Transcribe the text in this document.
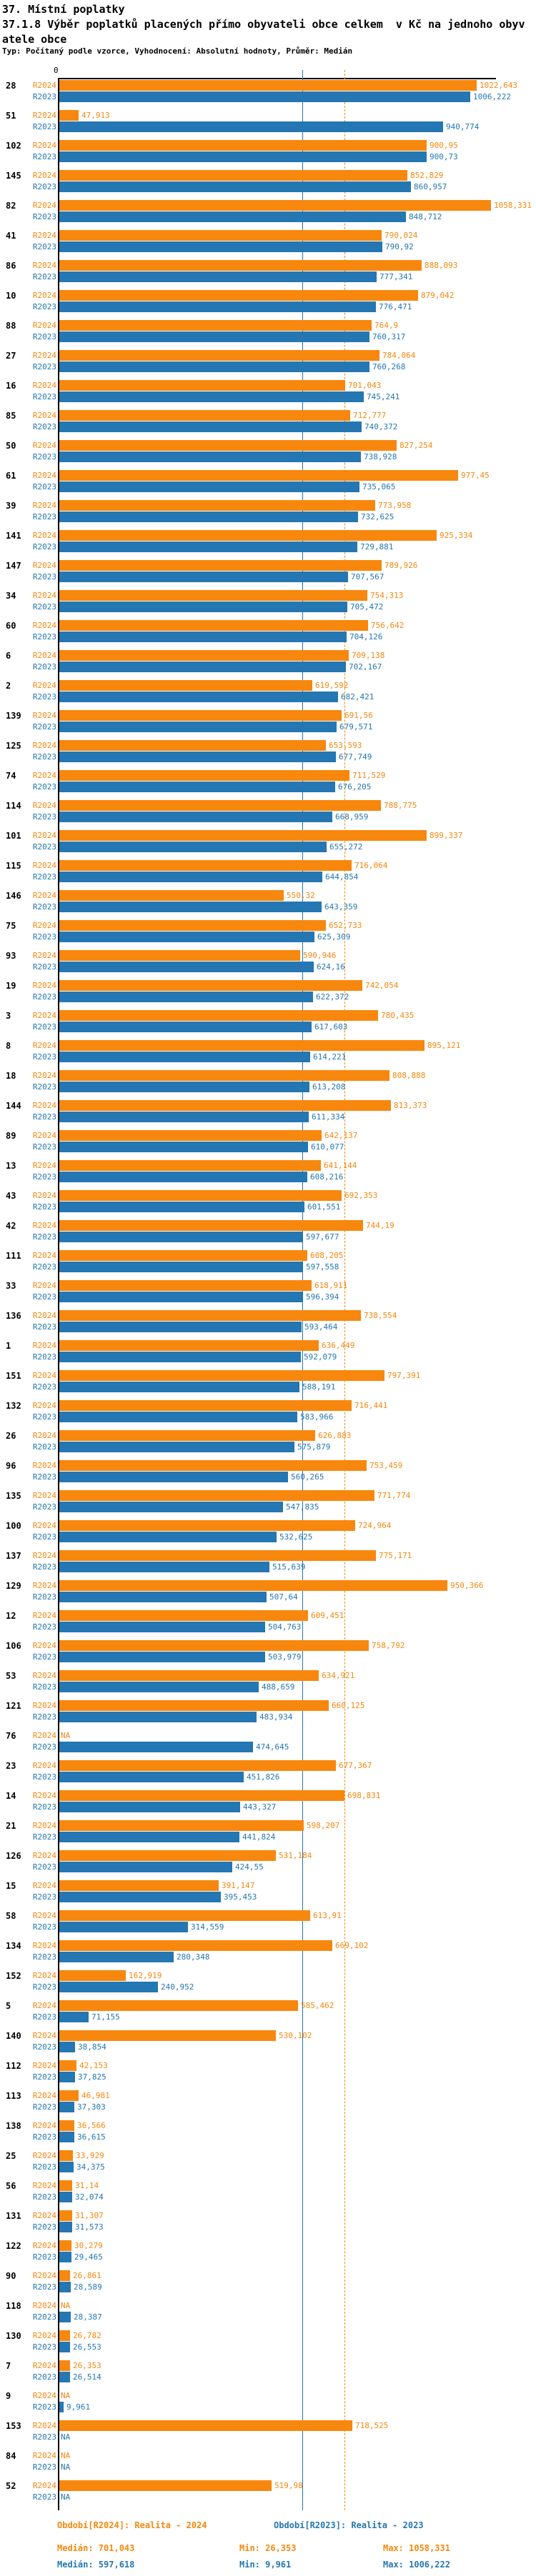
37. Místní poplatky
37.1.8 Výběr poplatků placených přímo obyvateli obce celkem  v Kč na jednoho obyvatele obce
Typ: Počítaný podle vzorce, Vyhodnocení: Absolutní hodnoty, Průměr: Medián
0
28	R2024
R2023
1022,643
1006,222
51	R2024
R2023
47,913
940,774
102	R2024
R2023
900,95
900,73
145	R2024
R2023
852,829
860,957
82	R2024
R2023
1058,331
848,712
41	R2024
R2023
790,024
790,92
86	R2024
R2023
888,093
777,341
10	R2024
R2023
879,042
776,471
88	R2024
R2023
764,9
760,317
27	R2024
R2023
784,064
760,268
16	R2024
R2023
701,043
745,241
85	R2024
R2023
712,777
740,372
50	R2024
R2023
827,254
738,928
61	R2024
R2023
977,45
735,065
39	R2024
R2023
773,958
732,625
141	R2024
R2023
925,334
729,881
147	R2024
R2023
789,926
707,567
34	R2024
R2023
754,313
705,472
60	R2024
R2023
756,642
704,126
6	R2024
R2023
709,138
702,167
2	R2024
R2023
619,592
682,421
139	R2024
R2023
691,56
679,571
125	R2024
R2023
653,593
677,749
74	R2024
R2023
711,529
676,205
114	R2024
R2023
788,775
668,959
101	R2024
R2023
899,337
655,272
115	R2024
R2023
716,064
644,854
146	R2024
R2023
550,32
643,359
75	R2024
R2023
652,733
625,309
93	R2024
R2023
590,946
624,16
19	R2024
R2023
742,054
622,372
3	R2024
R2023
780,435
617,603
8	R2024
R2023
895,121
614,221
18	R2024
R2023
808,888
613,208
144	R2024
R2023
813,373
611,334
89	R2024
R2023
642,137
610,077
13	R2024
R2023
641,144
608,216
43	R2024
R2023
692,353
601,551
42	R2024
R2023
744,19
597,677
111	R2024
R2023
608,205
597,558
33	R2024
R2023
618,911
596,394
136	R2024
R2023
738,554
593,464
1	R2024
R2023
636,449
592,079
151	R2024
R2023
797,391
588,191
132	R2024
R2023
716,441
583,966
26	R2024
R2023
626,883
575,879
96	R2024
R2023
753,459
560,265
135	R2024
R2023
771,774
547,835
100	R2024
R2023
724,964
532,625
137	R2024
R2023
775,171
515,639
129	R2024
R2023
950,366
507,64
12	R2024
R2023
609,451
504,763
106	R2024
R2023
758,792
503,979
53	R2024
R2023
634,921
488,659
121	R2024
R2023
660,125
483,934
76	R2024
R2023
NA
474,645
23	R2024
R2023
677,367
451,826
14	R2024
R2023
698,831
443,327
21	R2024
R2023
598,207
441,824
126	R2024
R2023
531,184
424,55
15	R2024
R2023
391,147
395,453
58	R2024
R2023
613,91
314,559
134	R2024
R2023
669,102
280,348
152	R2024
R2023
162,919
240,952
5	R2024
R2023
585,462
71,155
140	R2024
R2023
530,102
38,854
112	R2024
R2023
42,153
37,825
113	R2024
R2023
46,981
37,303
138	R2024
R2023
36,566
36,615
25	R2024
R2023
33,929
34,375
56	R2024
R2023
31,14
32,074
131	R2024
R2023
31,307
31,573
122	R2024
R2023
30,279
29,465
90	R2024
R2023
26,861
28,589
118	R2024
R2023
NA
28,387
130	R2024
R2023
26,782
26,553
7	R2024
R2023
26,353
26,514
9	R2024
R2023
NA
9,961
153	R2024
R2023
718,525
NA
84	R2024
R2023
NA
NA
52	R2024
R2023
519,98
NA
Období[R2024]: Realita - 2024	Období[R2023]: Realita - 2023
Medián: 701,043	Min: 26,353	Max: 1058,331
Medián: 597,618	Min: 9,961	Max: 1006,222
